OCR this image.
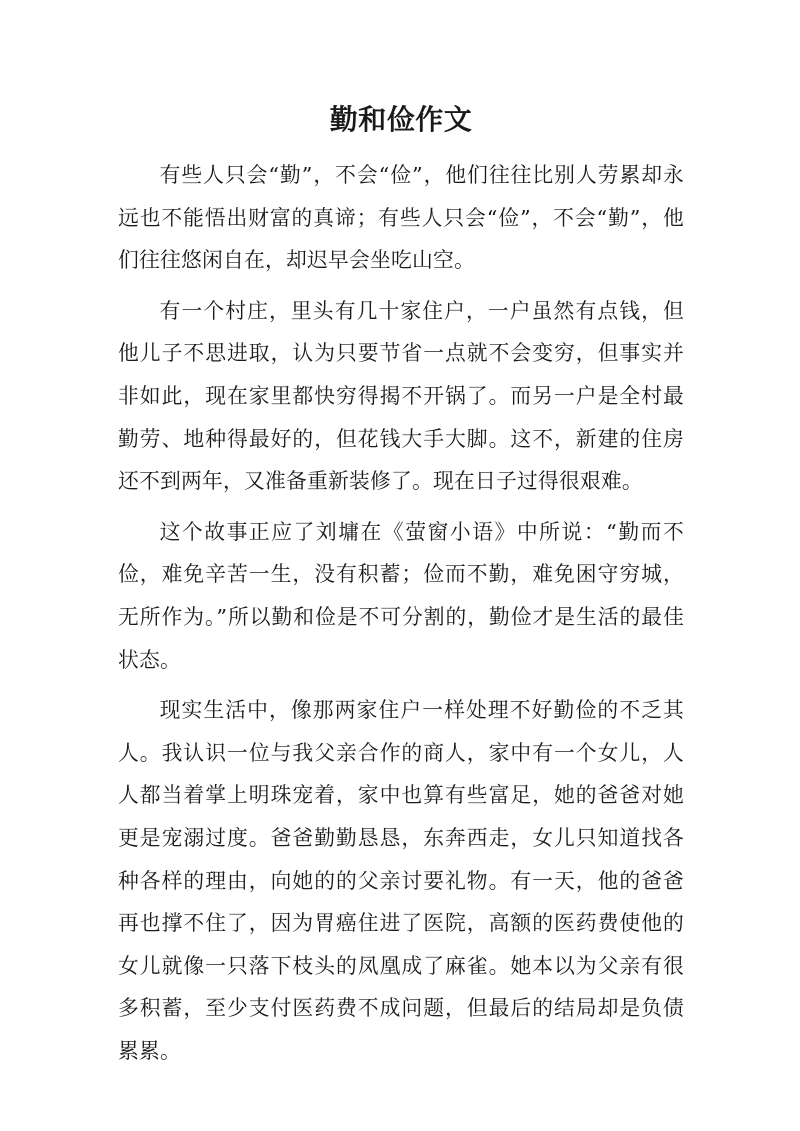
勤和俭作文

有些人只会“勤”，不会“俭”，他们往往比别人劳累却永远也不能悟出财富的真谛；有些人只会“俭”，不会“勤”，他们往往悠闲自在，却迟早会坐吃山空。

有一个村庄，里头有几十家住户，一户虽然有点钱，但他儿子不思进取，认为只要节省一点就不会变穷，但事实并非如此，现在家里都快穷得揭不开锅了。而另一户是全村最勤劳、地种得最好的，但花钱大手大脚。这不，新建的住房还不到两年，又准备重新装修了。现在日子过得很艰难。

这个故事正应了刘墉在《萤窗小语》中所说：“勤而不俭，难免辛苦一生，没有积蓄；俭而不勤，难免困守穷城，无所作为。”所以勤和俭是不可分割的，勤俭才是生活的最佳状态。

现实生活中，像那两家住户一样处理不好勤俭的不乏其人。我认识一位与我父亲合作的商人，家中有一个女儿，人人都当着掌上明珠宠着，家中也算有些富足，她的爸爸对她更是宠溺过度。爸爸勤勤恳恳，东奔西走，女儿只知道找各种各样的理由，向她的的父亲讨要礼物。有一天，他的爸爸再也撑不住了，因为胃癌住进了医院，高额的医药费使他的女儿就像一只落下枝头的凤凰成了麻雀。她本以为父亲有很多积蓄，至少支付医药费不成问题，但最后的结局却是负债累累。
